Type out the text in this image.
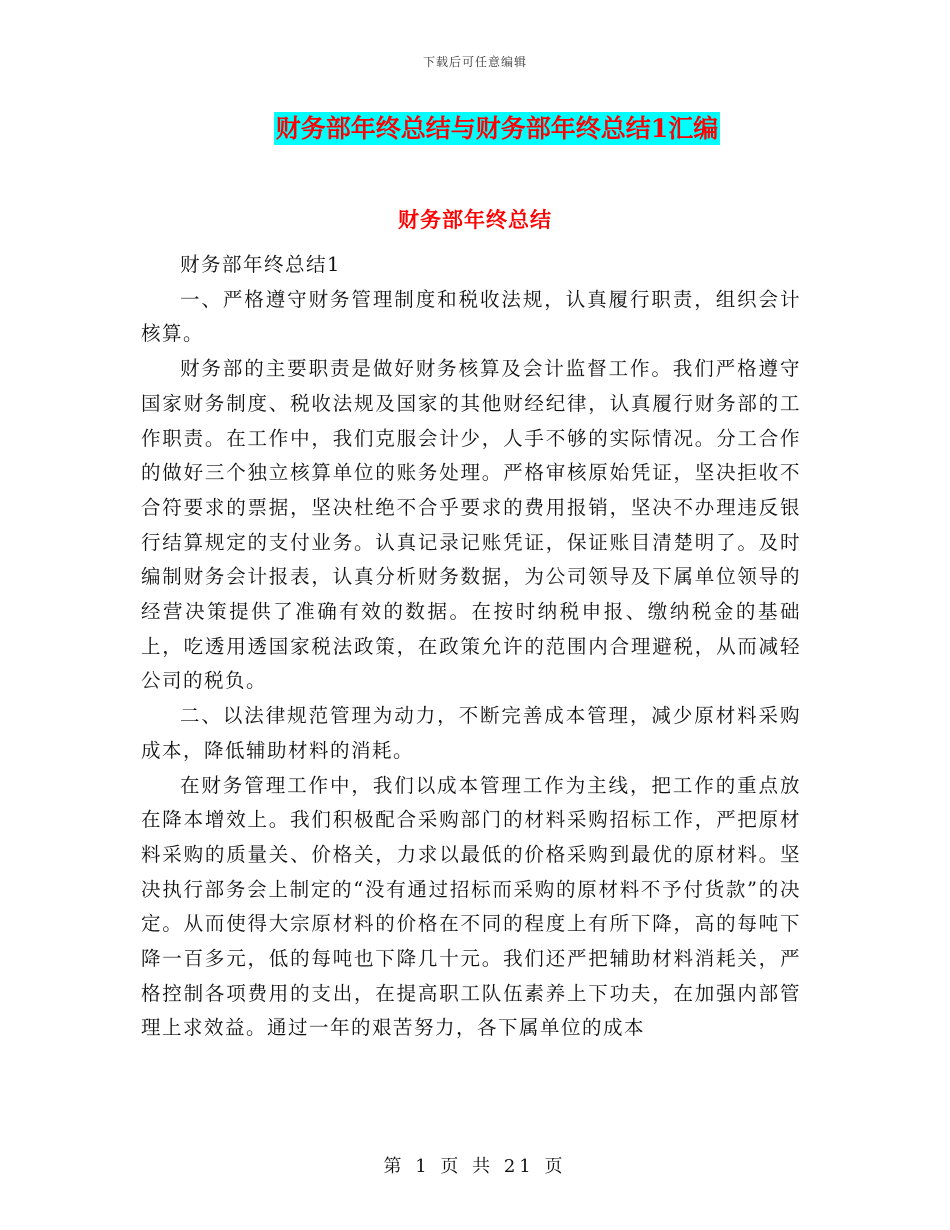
下载后可任意编辑
财务部年终总结与财务部年终总结1汇编
财务部年终总结

财务部年终总结1

一、严格遵守财务管理制度和税收法规，认真履行职责，组织会计核算。

财务部的主要职责是做好财务核算及会计监督工作。我们严格遵守国家财务制度、税收法规及国家的其他财经纪律，认真履行财务部的工作职责。在工作中，我们克服会计少，人手不够的实际情况。分工合作的做好三个独立核算单位的账务处理。严格审核原始凭证，坚决拒收不合符要求的票据，坚决杜绝不合乎要求的费用报销，坚决不办理违反银行结算规定的支付业务。认真记录记账凭证，保证账目清楚明了。及时编制财务会计报表，认真分析财务数据，为公司领导及下属单位领导的经营决策提供了准确有效的数据。在按时纳税申报、缴纳税金的基础上，吃透用透国家税法政策，在政策允许的范围内合理避税，从而减轻公司的税负。

二、以法律规范管理为动力，不断完善成本管理，减少原材料采购成本，降低辅助材料的消耗。

在财务管理工作中，我们以成本管理工作为主线，把工作的重点放在降本增效上。我们积极配合采购部门的材料采购招标工作，严把原材料采购的质量关、价格关，力求以最低的价格采购到最优的原材料。坚决执行部务会上制定的“没有通过招标而采购的原材料不予付货款”的决定。从而使得大宗原材料的价格在不同的程度上有所下降，高的每吨下降一百多元，低的每吨也下降几十元。我们还严把辅助材料消耗关，严格控制各项费用的支出，在提高职工队伍素养上下功夫，在加强内部管理上求效益。通过一年的艰苦努力，各下属单位的成本

第 1 页 共 21 页
